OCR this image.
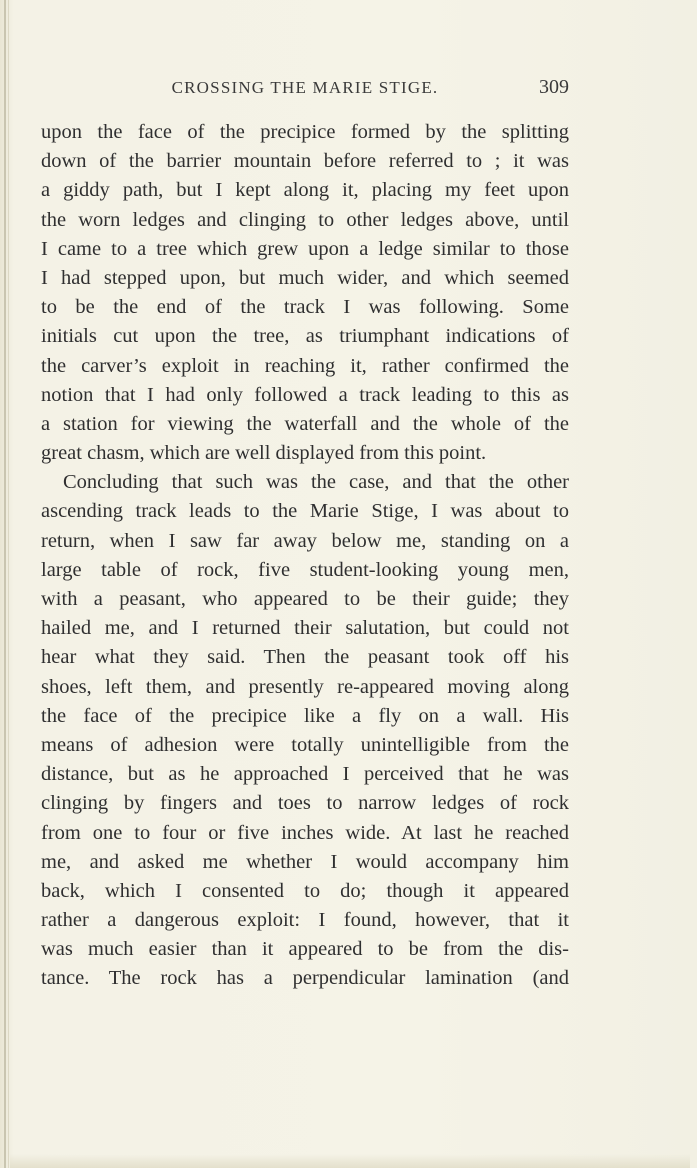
CROSSING THE MARIE STIGE.	309
upon the face of the precipice formed by the splitting
down of the barrier mountain before referred to ; it was
a giddy path, but I kept along it, placing my feet upon
the worn ledges and clinging to other ledges above, until
I came to a tree which grew upon a ledge similar to those
I had stepped upon, but much wider, and which seemed
to be the end of the track I was following. Some
initials cut upon the tree, as triumphant indications of
the carver’s exploit in reaching it, rather confirmed the
notion that I had only followed a track leading to this as
a station for viewing the waterfall and the whole of the
great chasm, which are well displayed from this point.
Concluding that such was the case, and that the other
ascending track leads to the Marie Stige, I was about to
return, when I saw far away below me, standing on a
large table of rock, five student-looking young men,
with a peasant, who appeared to be their guide; they
hailed me, and I returned their salutation, but could not
hear what they said. Then the peasant took off his
shoes, left them, and presently re-appeared moving along
the face of the precipice like a fly on a wall. His
means of adhesion were totally unintelligible from the
distance, but as he approached I perceived that he was
clinging by fingers and toes to narrow ledges of rock
from one to four or five inches wide. At last he reached
me, and asked me whether I would accompany him
back, which I consented to do; though it appeared
rather a dangerous exploit: I found, however, that it
was much easier than it appeared to be from the dis-
tance. The rock has a perpendicular lamination (and
